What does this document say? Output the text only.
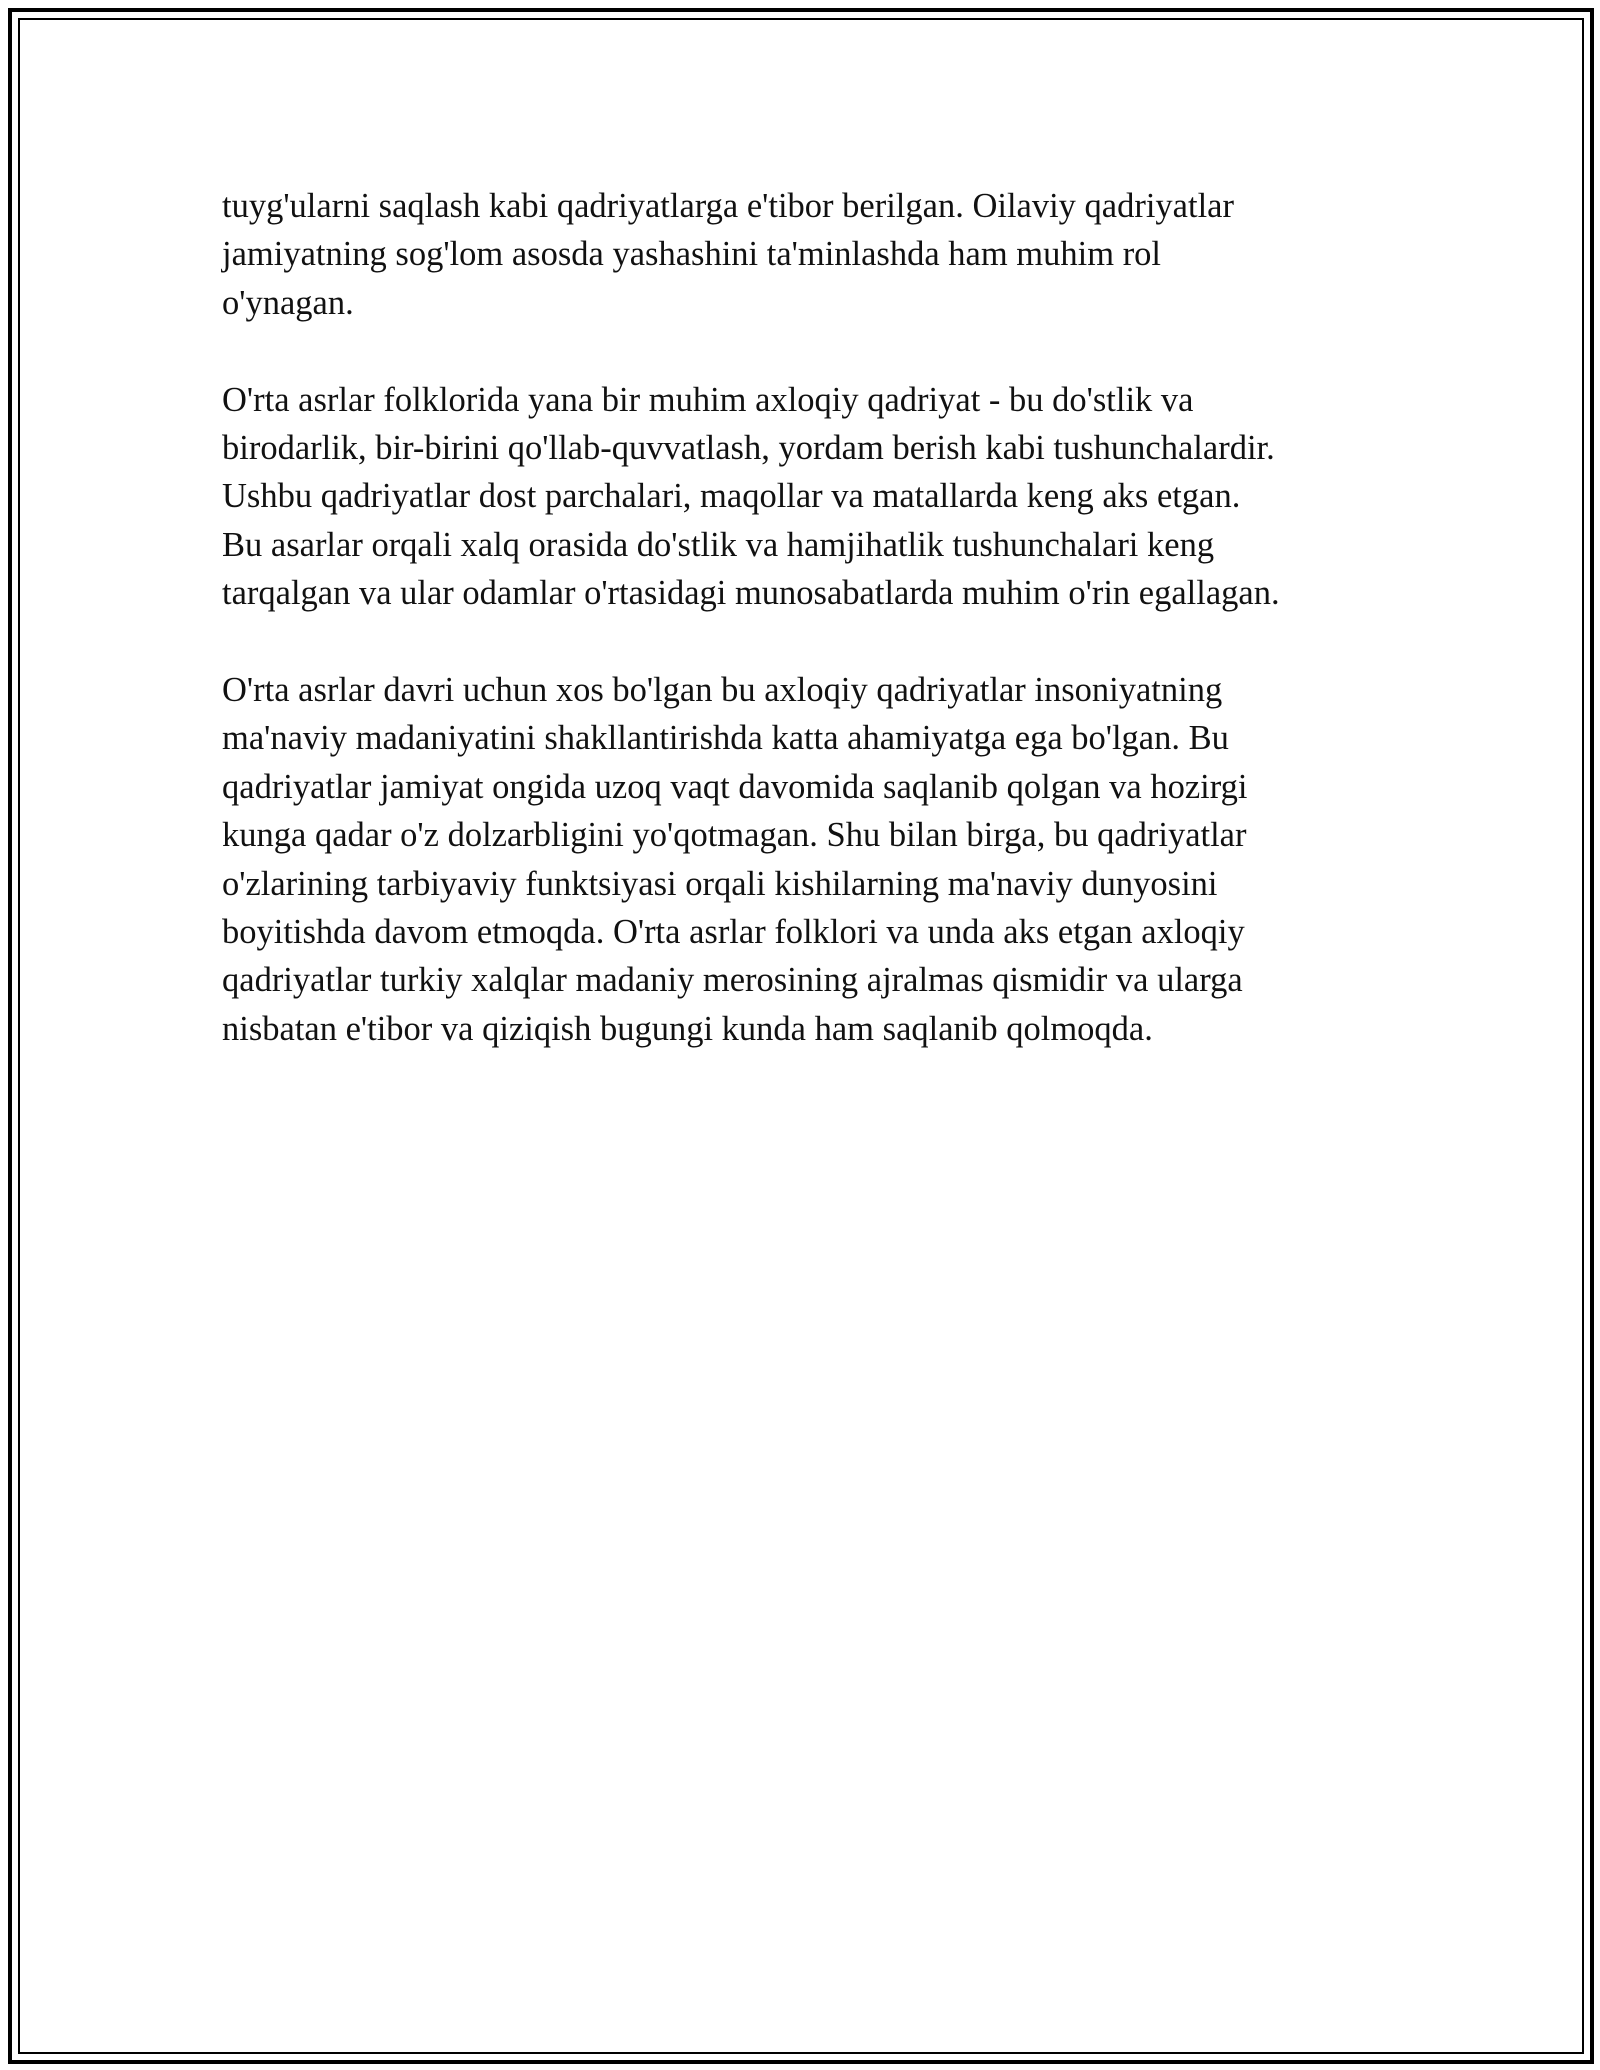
tuyg'ularni saqlash kabi qadriyatlarga e'tibor berilgan. Oilaviy qadriyatlar
jamiyatning sog'lom asosda yashashini ta'minlashda ham muhim rol
o'ynagan.

O'rta asrlar folklorida yana bir muhim axloqiy qadriyat - bu do'stlik va
birodarlik, bir-birini qo'llab-quvvatlash, yordam berish kabi tushunchalardir.
Ushbu qadriyatlar dost parchalari, maqollar va matallarda keng aks etgan.
Bu asarlar orqali xalq orasida do'stlik va hamjihatlik tushunchalari keng
tarqalgan va ular odamlar o'rtasidagi munosabatlarda muhim o'rin egallagan.

O'rta asrlar davri uchun xos bo'lgan bu axloqiy qadriyatlar insoniyatning
ma'naviy madaniyatini shakllantirishda katta ahamiyatga ega bo'lgan. Bu
qadriyatlar jamiyat ongida uzoq vaqt davomida saqlanib qolgan va hozirgi
kunga qadar o'z dolzarbligini yo'qotmagan. Shu bilan birga, bu qadriyatlar
o'zlarining tarbiyaviy funktsiyasi orqali kishilarning ma'naviy dunyosini
boyitishda davom etmoqda. O'rta asrlar folklori va unda aks etgan axloqiy
qadriyatlar turkiy xalqlar madaniy merosining ajralmas qismidir va ularga
nisbatan e'tibor va qiziqish bugungi kunda ham saqlanib qolmoqda.
